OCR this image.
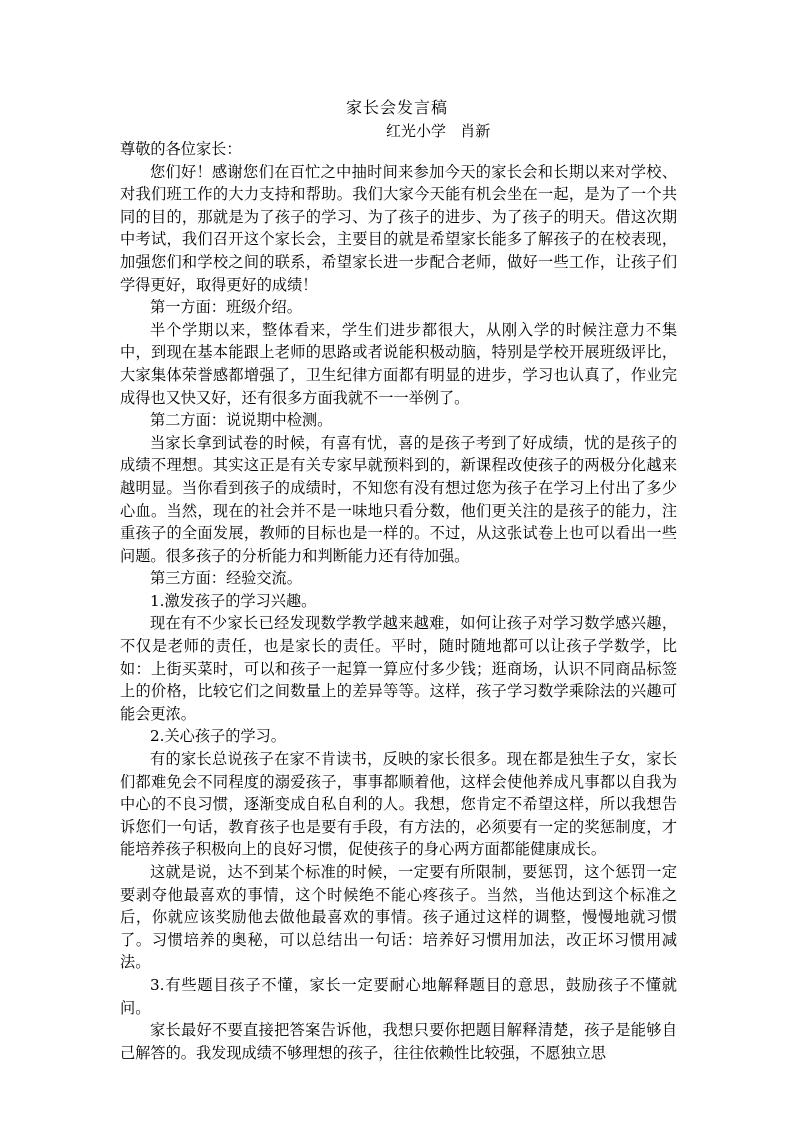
家长会发言稿
红光小学   肖新

尊敬的各位家长：

您们好！感谢您们在百忙之中抽时间来参加今天的家长会和长期以来对学校、对我们班工作的大力支持和帮助。我们大家今天能有机会坐在一起，是为了一个共同的目的，那就是为了孩子的学习、为了孩子的进步、为了孩子的明天。借这次期中考试，我们召开这个家长会，主要目的就是希望家长能多了解孩子的在校表现，加强您们和学校之间的联系，希望家长进一步配合老师，做好一些工作，让孩子们学得更好，取得更好的成绩！

第一方面：班级介绍。

半个学期以来，整体看来，学生们进步都很大，从刚入学的时候注意力不集中，到现在基本能跟上老师的思路或者说能积极动脑，特别是学校开展班级评比，大家集体荣誉感都增强了，卫生纪律方面都有明显的进步，学习也认真了，作业完成得也又快又好，还有很多方面我就不一一举例了。

第二方面：说说期中检测。

当家长拿到试卷的时候，有喜有忧，喜的是孩子考到了好成绩，忧的是孩子的成绩不理想。其实这正是有关专家早就预料到的，新课程改使孩子的两极分化越来越明显。当你看到孩子的成绩时，不知您有没有想过您为孩子在学习上付出了多少心血。当然，现在的社会并不是一味地只看分数，他们更关注的是孩子的能力，注重孩子的全面发展，教师的目标也是一样的。不过，从这张试卷上也可以看出一些问题。很多孩子的分析能力和判断能力还有待加强。

第三方面：经验交流。

1.激发孩子的学习兴趣。

现在有不少家长已经发现数学教学越来越难，如何让孩子对学习数学感兴趣，不仅是老师的责任，也是家长的责任。平时，随时随地都可以让孩子学数学，比如：上街买菜时，可以和孩子一起算一算应付多少钱；逛商场，认识不同商品标签上的价格，比较它们之间数量上的差异等等。这样，孩子学习数学乘除法的兴趣可能会更浓。

2.关心孩子的学习。

有的家长总说孩子在家不肯读书，反映的家长很多。现在都是独生子女，家长们都难免会不同程度的溺爱孩子，事事都顺着他，这样会使他养成凡事都以自我为中心的不良习惯，逐渐变成自私自利的人。我想，您肯定不希望这样，所以我想告诉您们一句话，教育孩子也是要有手段，有方法的，必须要有一定的奖惩制度，才能培养孩子积极向上的良好习惯，促使孩子的身心两方面都能健康成长。

这就是说，达不到某个标准的时候，一定要有所限制，要惩罚，这个惩罚一定要剥夺他最喜欢的事情，这个时候绝不能心疼孩子。当然，当他达到这个标准之后，你就应该奖励他去做他最喜欢的事情。孩子通过这样的调整，慢慢地就习惯了。习惯培养的奥秘，可以总结出一句话：培养好习惯用加法，改正坏习惯用减法。

3.有些题目孩子不懂，家长一定要耐心地解释题目的意思，鼓励孩子不懂就问。

家长最好不要直接把答案告诉他，我想只要你把题目解释清楚，孩子是能够自己解答的。我发现成绩不够理想的孩子，往往依赖性比较强，不愿独立思
